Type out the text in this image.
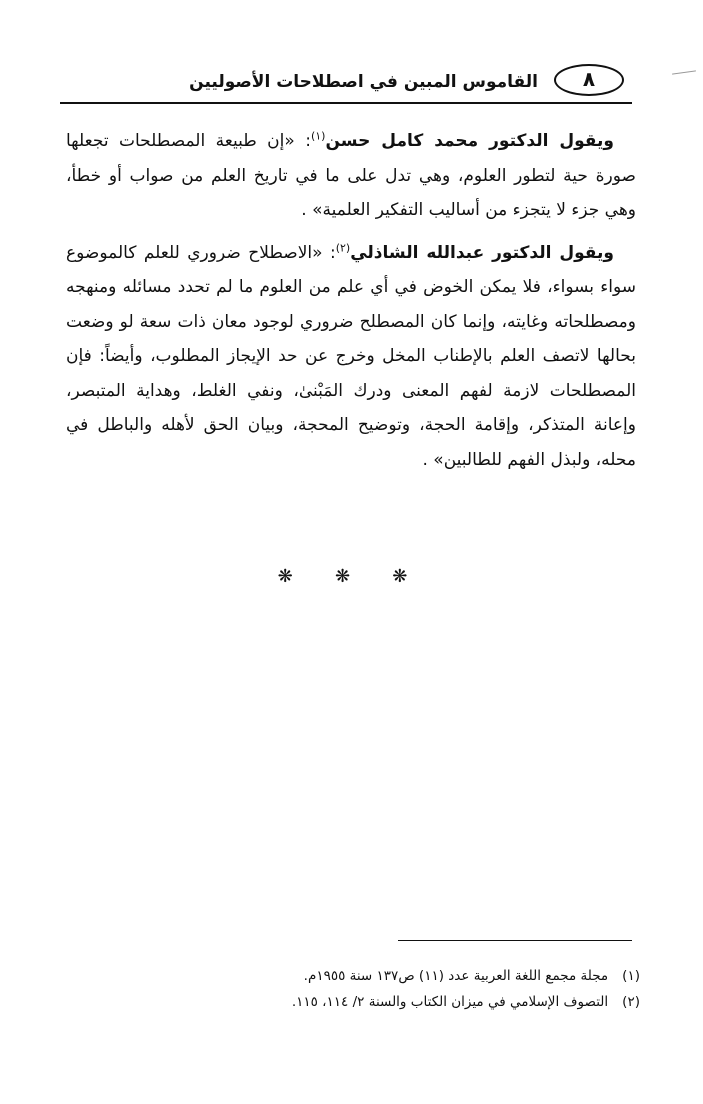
٨
القاموس المبين في اصطلاحات الأصوليين

ويقول الدكتور محمد كامل حسن$^{(١)}$: «إن طبيعة المصطلحات تجعلها صورة حية لتطور العلوم، وهي تدل على ما في تاريخ العلم من صواب أو خطأ، وهي جزء لا يتجزء من أساليب التفكير العلمية» .

ويقول الدكتور عبدالله الشاذلي$^{(٢)}$: «الاصطلاح ضروري للعلم كالموضوع سواء بسواء، فلا يمكن الخوض في أي علم من العلوم ما لم تحدد مسائله ومنهجه ومصطلحاته وغايته، وإنما كان المصطلح ضروري لوجود معان ذات سعة لو وضعت بحالها لاتصف العلم بالإطناب المخل وخرج عن حد الإيجاز المطلوب، وأيضاً: فإن المصطلحات لازمة لفهم المعنى ودرك المَبْنىٰ، ونفي الغلط، وهداية المتبصر، وإعانة المتذكر، وإقامة الحجة، وتوضيح المحجة، وبيان الحق لأهله والباطل في محله، ولبذل الفهم للطالبين» .

❋ ❋ ❋
(١)مجلة مجمع اللغة العربية عدد (١١) ص١٣٧ سنة ١٩٥٥م.
(٢)التصوف الإسلامي في ميزان الكتاب والسنة ٢/ ١١٤، ١١٥.
